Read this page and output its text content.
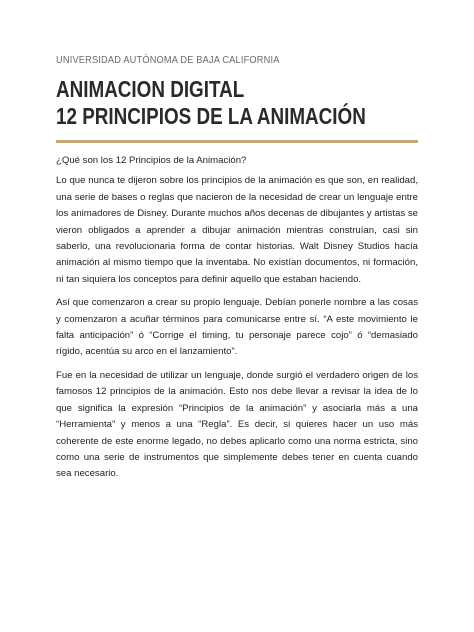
UNIVERSIDAD AUTÓNOMA DE BAJA CALIFORNIA
ANIMACION DIGITAL
12 PRINCIPIOS DE LA ANIMACIÓN

¿Qué son los 12 Principios de la Animación?

Lo que nunca te dijeron sobre los principios de la animación es que son, en realidad, una serie de bases o reglas que nacieron de la necesidad de crear un lenguaje entre los animadores de Disney. Durante muchos años decenas de dibujantes y artistas se vieron obligados a aprender a dibujar animación mientras construían, casi sin saberlo, una revolucionaria forma de contar historias. Walt Disney Studios hacía animación al mismo tiempo que la inventaba. No existían documentos, ni formación, ni tan siquiera los conceptos para definir aquello que estaban haciendo.

Así que comenzaron a crear su propio lenguaje. Debían ponerle nombre a las cosas y comenzaron a acuñar términos para comunicarse entre sí. “A este movimiento le falta anticipación” ó “Corrige el timing, tu personaje parece cojo” ó “demasiado rígido, acentúa su arco en el lanzamiento”.

Fue en la necesidad de utilizar un lenguaje, donde surgió el verdadero origen de los famosos 12 principios de la animación. Esto nos debe llevar a revisar la idea de lo que significa la expresión “Principios de la animación” y asociarla más a una “Herramienta” y menos a una “Regla”. Es decir, si quieres hacer un uso más coherente de este enorme legado, no debes aplicarlo como una norma estricta, sino como una serie de instrumentos que simplemente debes tener en cuenta cuando sea necesario.
